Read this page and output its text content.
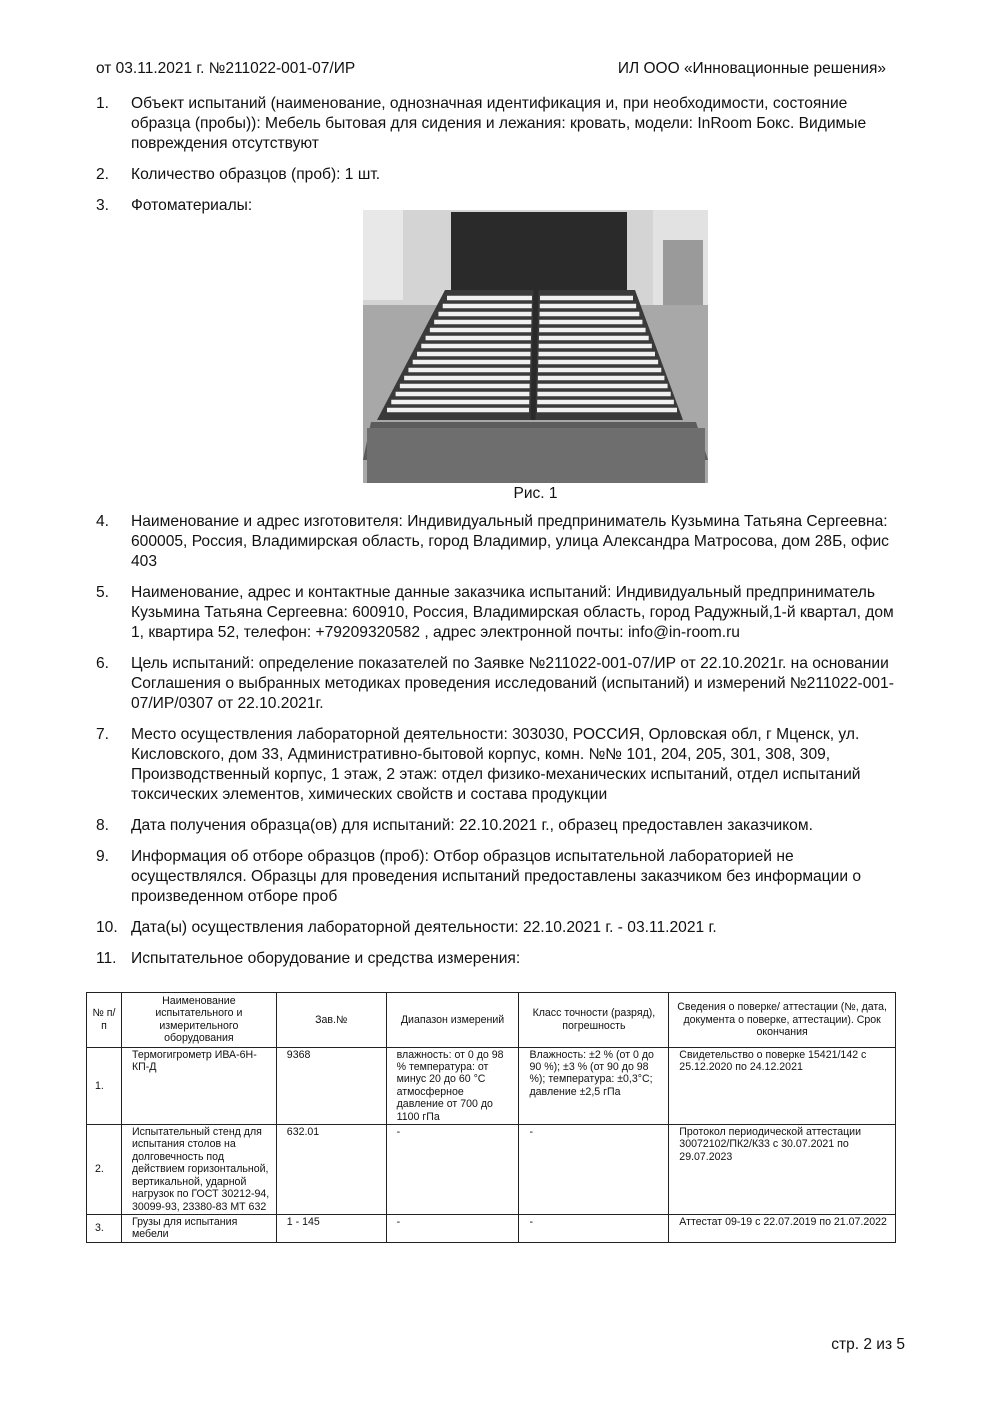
от 03.11.2021 г. №211022-001-07/ИР	ИЛ ООО «Инновационные решения»
1.	Объект испытаний (наименование, однозначная идентификация и, при необходимости, состояние образца (пробы)): Мебель бытовая для сидения и лежания: кровать, модели: InRoom Бокс. Видимые повреждения отсутствуют
2.	Количество образцов (проб): 1 шт.
3.	Фотоматериалы:
Рис. 1
4.	Наименование и адрес изготовителя: Индивидуальный предприниматель Кузьмина Татьяна Сергеевна: 600005, Россия, Владимирская область, город Владимир, улица Александра Матросова, дом 28Б, офис 403
5.	Наименование, адрес и контактные данные заказчика испытаний: Индивидуальный предприниматель Кузьмина Татьяна Сергеевна: 600910, Россия, Владимирская область, город Радужный,1-й квартал, дом 1, квартира 52, телефон: +79209320582 , адрес электронной почты: info@in-room.ru
6.	Цель испытаний: определение показателей по Заявке №211022-001-07/ИР от 22.10.2021г. на основании Соглашения о выбранных методиках проведения исследований (испытаний) и измерений №211022-001-07/ИР/0307 от 22.10.2021г.
7.	Место осуществления лабораторной деятельности: 303030, РОССИЯ, Орловская обл, г Мценск, ул. Кисловского, дом 33, Административно-бытовой корпус, комн. №№ 101, 204, 205, 301, 308, 309, Производственный корпус, 1 этаж, 2 этаж: отдел физико-механических испытаний, отдел испытаний токсических элементов, химических свойств и состава продукции
8.	Дата получения образца(ов) для испытаний: 22.10.2021 г., образец предоставлен заказчиком.
9.	Информация об отборе образцов (проб): Отбор образцов испытательной лабораторией не осуществлялся. Образцы для проведения испытаний предоставлены заказчиком без информации о произведенном отборе проб
10. Дата(ы) осуществления лабораторной деятельности: 22.10.2021 г. - 03.11.2021 г.
11. Испытательное оборудование и средства измерения:
№ п/п	Наименование испытательного и измерительного оборудования	Зав.№	Диапазон измерений	Класс точности (разряд), погрешность	Сведения о поверке/ аттестации (№, дата, документа о поверке, аттестации). Срок окончания
1.	Термогигрометр ИВА-6Н-КП-Д	9368	влажность: от 0 до 98 % температура: от минус 20 до 60 °С атмосферное давление от 700 до 1100 гПа	Влажность: ±2 % (от 0 до 90 %); ±3 % (от 90 до 98 %); температура: ±0,3°С; давление ±2,5 гПа	Свидетельство о поверке 15421/142 с 25.12.2020 по 24.12.2021
2.	Испытательный стенд для испытания столов на долговечность под действием горизонтальной, вертикальной, ударной нагрузок по ГОСТ 30212-94, 30099-93, 23380-83 МТ 632	632.01	-	-	Протокол периодической аттестации 30072102/ПК2/К33 с 30.07.2021 по 29.07.2023
3.	Грузы для испытания мебели	1 - 145	-	-	Аттестат 09-19 с 22.07.2019 по 21.07.2022
стр. 2 из 5
